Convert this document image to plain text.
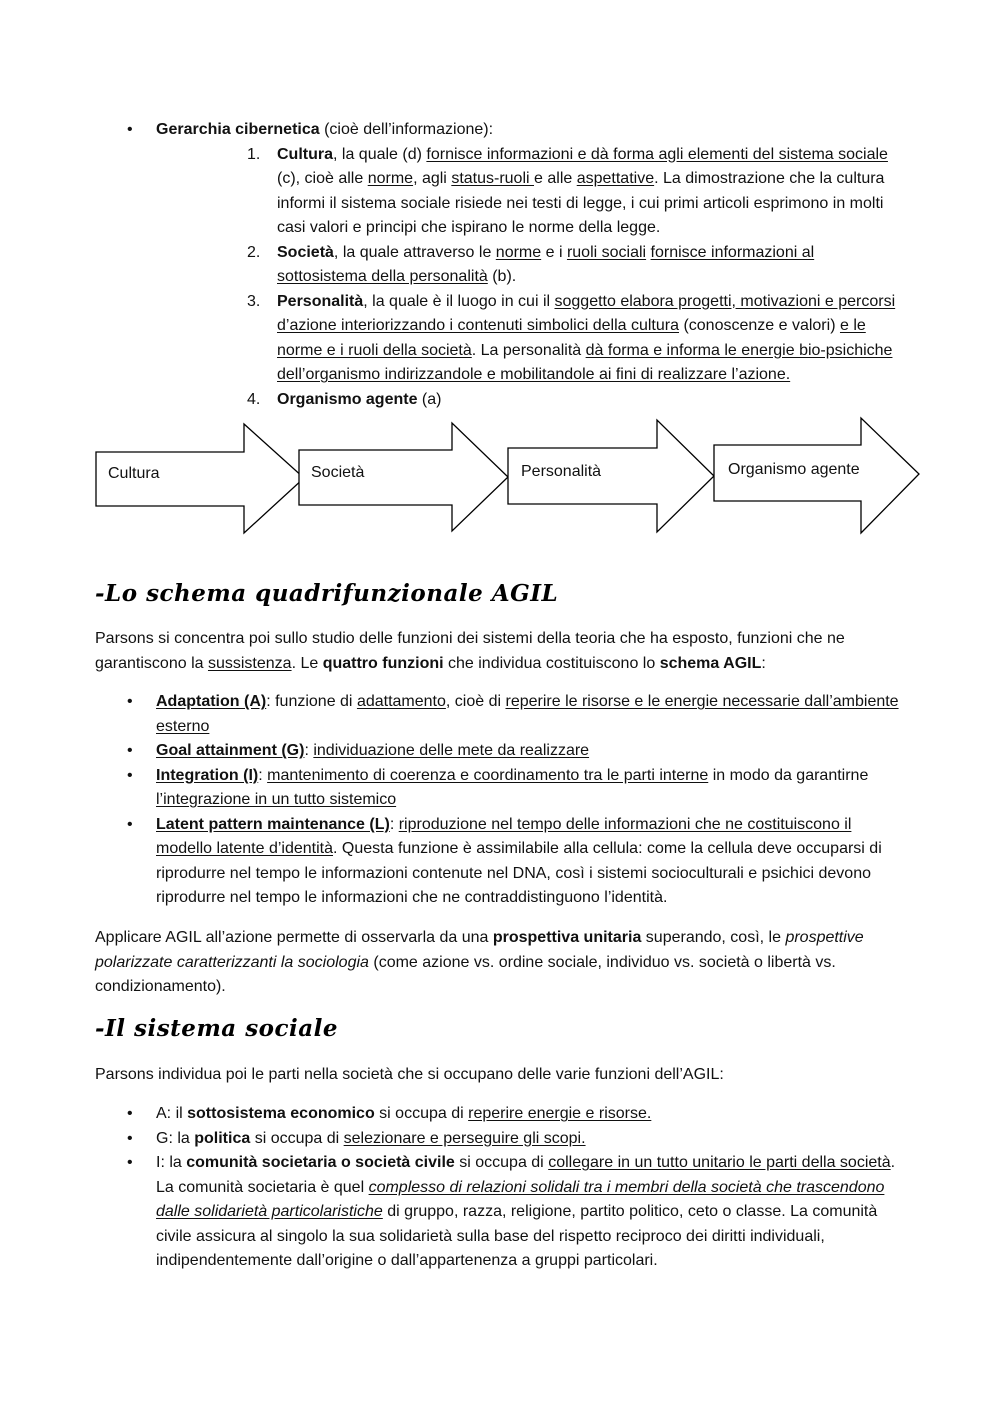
• Gerarchia cibernetica (cioè dell’informazione):
1. Cultura, la quale (d) fornisce informazioni e dà forma agli elementi del sistema sociale (c), cioè alle norme, agli status-ruoli e alle aspettative. La dimostrazione che la cultura informi il sistema sociale risiede nei testi di legge, i cui primi articoli esprimono in molti casi valori e principi che ispirano le norme della legge.
2. Società, la quale attraverso le norme e i ruoli sociali fornisce informazioni al sottosistema della personalità (b).
3. Personalità, la quale è il luogo in cui il soggetto elabora progetti, motivazioni e percorsi d’azione interiorizzando i contenuti simbolici della cultura (conoscenze e valori) e le norme e i ruoli della società. La personalità dà forma e informa le energie bio-psichiche dell’organismo indirizzandole e mobilitandole ai fini di realizzare l’azione.
4. Organismo agente (a)
Cultura	Società	Personalità	Organismo agente
-Lo schema quadrifunzionale AGIL
Parsons si concentra poi sullo studio delle funzioni dei sistemi della teoria che ha esposto, funzioni che ne garantiscono la sussistenza. Le quattro funzioni che individua costituiscono lo schema AGIL:
• Adaptation (A): funzione di adattamento, cioè di reperire le risorse e le energie necessarie dall’ambiente esterno
• Goal attainment (G): individuazione delle mete da realizzare
• Integration (I): mantenimento di coerenza e coordinamento tra le parti interne in modo da garantirne l’integrazione in un tutto sistemico
• Latent pattern maintenance (L): riproduzione nel tempo delle informazioni che ne costituiscono il modello latente d’identità. Questa funzione è assimilabile alla cellula: come la cellula deve occuparsi di riprodurre nel tempo le informazioni contenute nel DNA, così i sistemi socioculturali e psichici devono riprodurre nel tempo le informazioni che ne contraddistinguono l’identità.
Applicare AGIL all’azione permette di osservarla da una prospettiva unitaria superando, così, le prospettive polarizzate caratterizzanti la sociologia (come azione vs. ordine sociale, individuo vs. società o libertà vs. condizionamento).
-Il sistema sociale
Parsons individua poi le parti nella società che si occupano delle varie funzioni dell’AGIL:
• A: il sottosistema economico si occupa di reperire energie e risorse.
• G: la politica si occupa di selezionare e perseguire gli scopi.
• I: la comunità societaria o società civile si occupa di collegare in un tutto unitario le parti della società. La comunità societaria è quel complesso di relazioni solidali tra i membri della società che trascendono dalle solidarietà particolaristiche di gruppo, razza, religione, partito politico, ceto o classe. La comunità civile assicura al singolo la sua solidarietà sulla base del rispetto reciproco dei diritti individuali, indipendentemente dall’origine o dall’appartenenza a gruppi particolari.
